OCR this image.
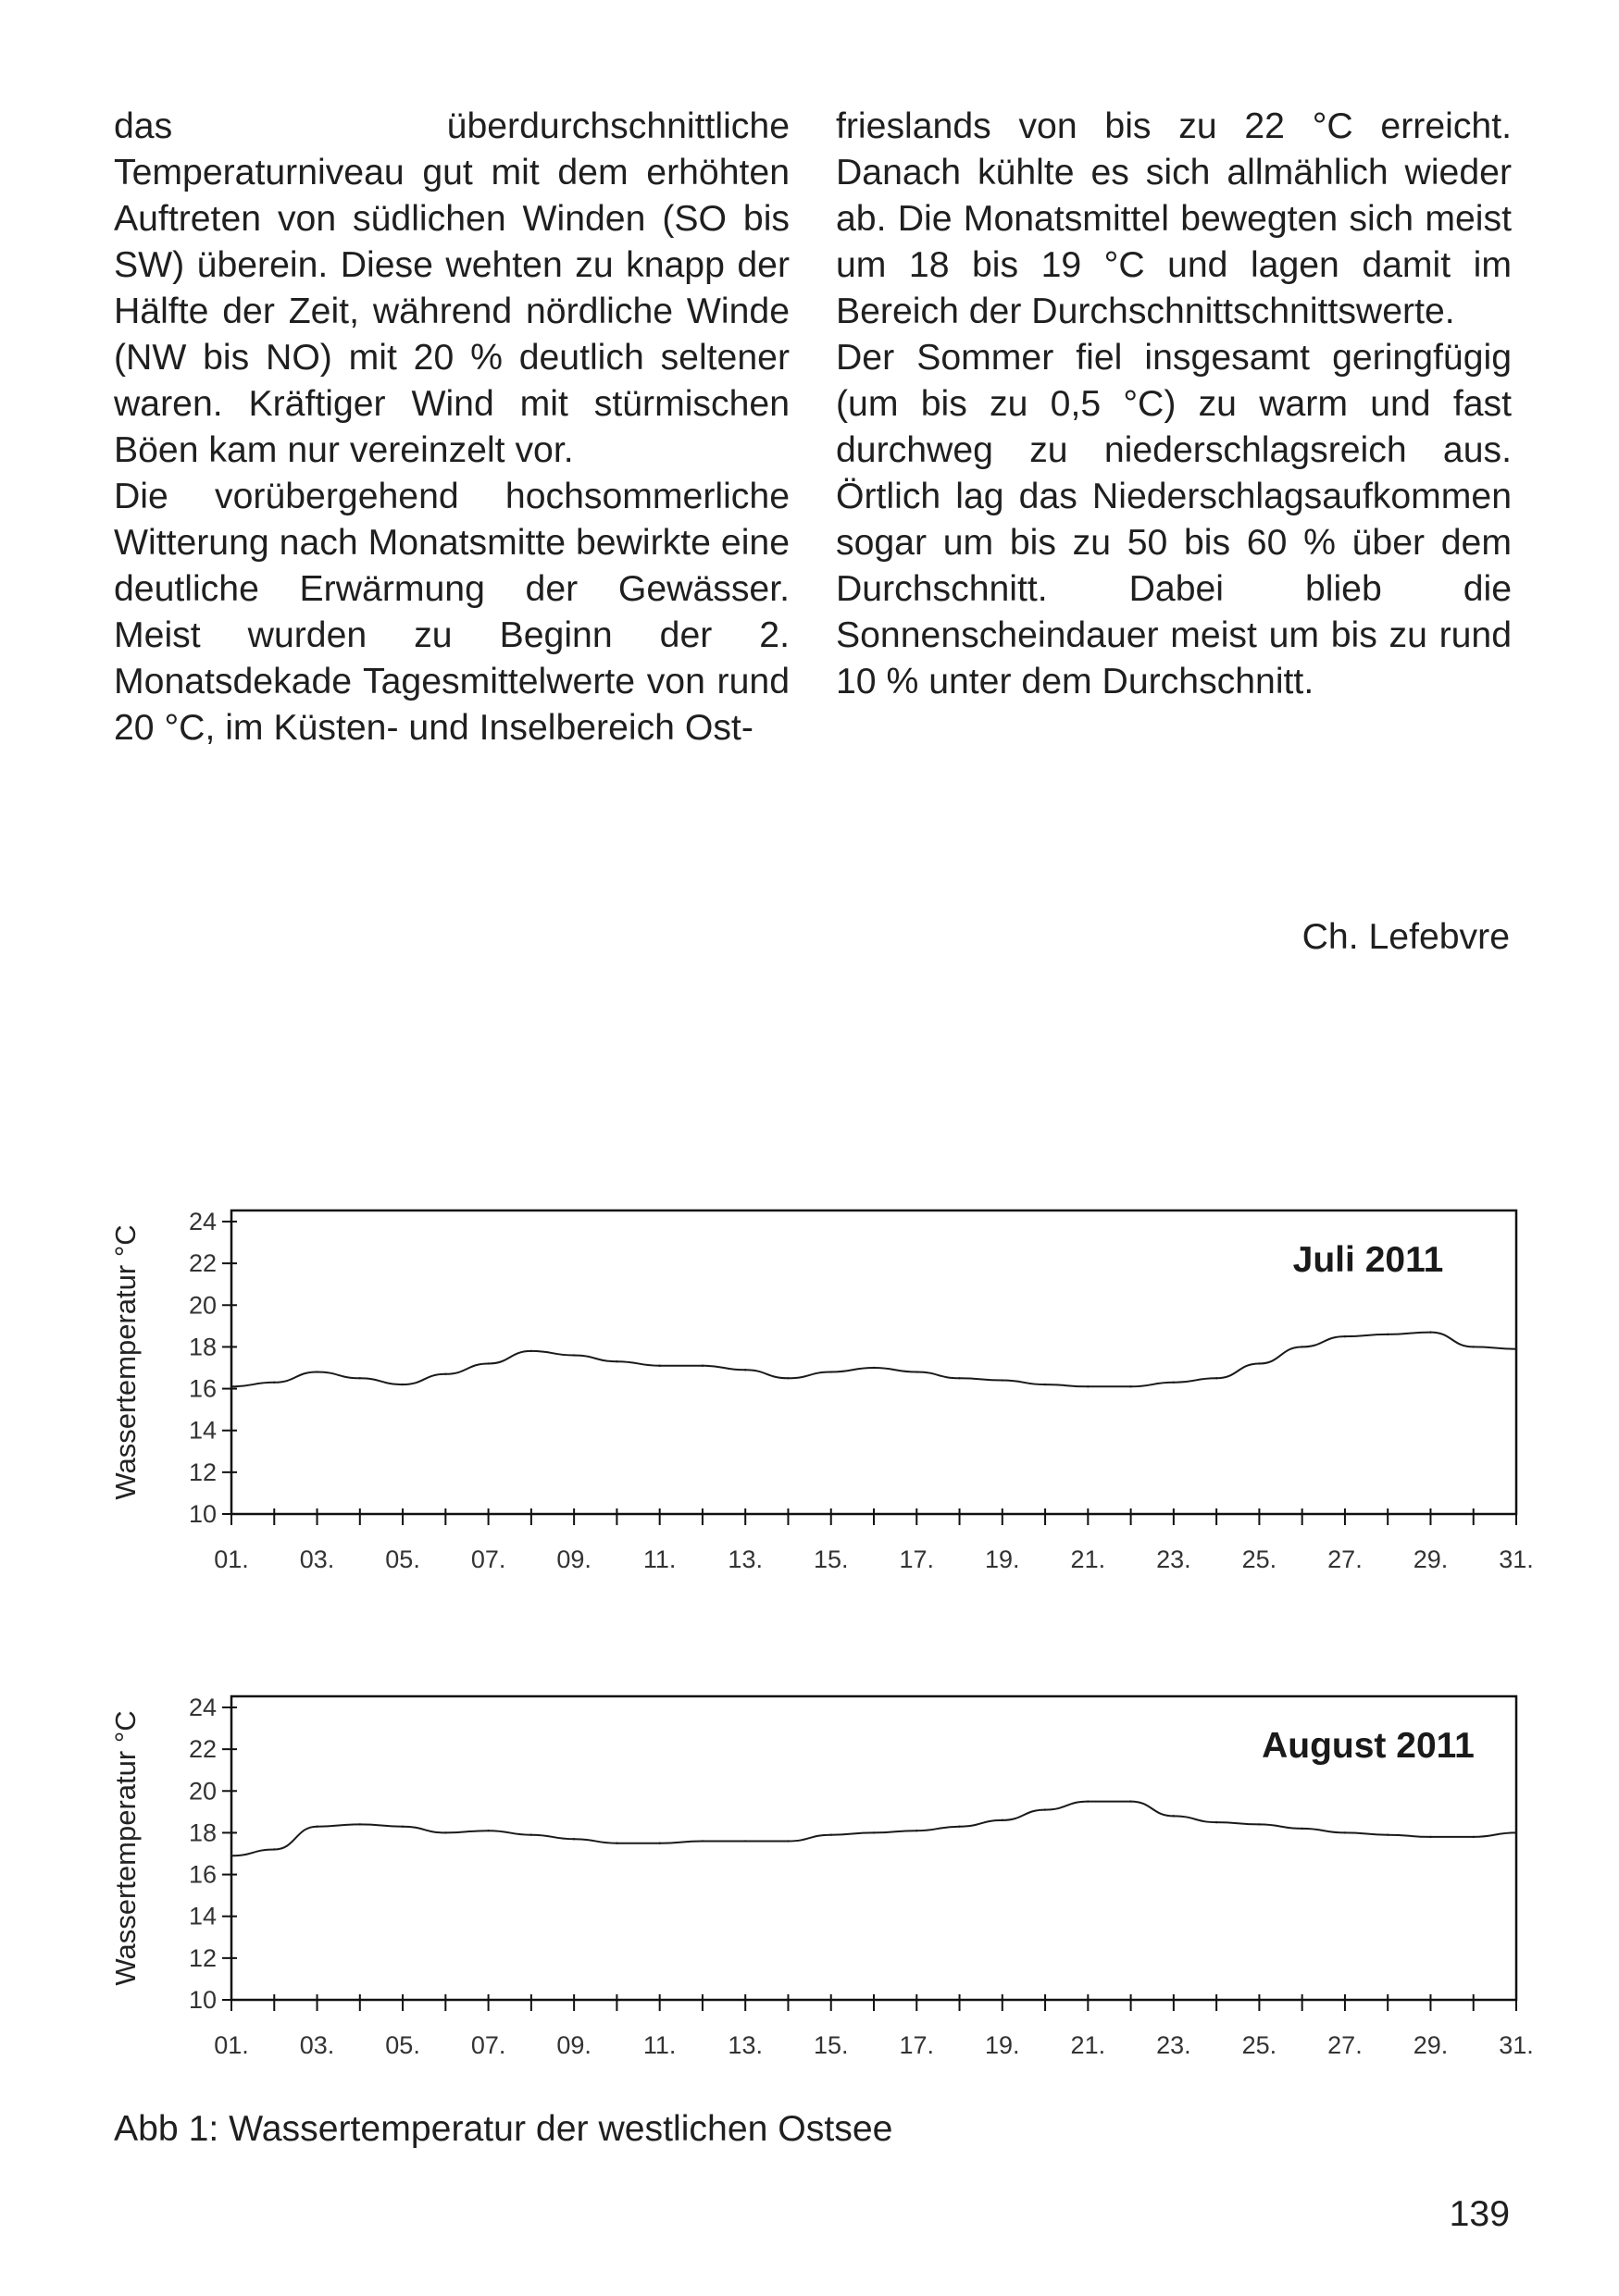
das überdurchschnittliche Temperaturniveau gut mit dem erhöhten Auftreten von südlichen Winden (SO bis SW) überein. Diese wehten zu knapp der Hälfte der Zeit, während nördliche Winde (NW bis NO) mit 20 % deutlich seltener waren. Kräftiger Wind mit stürmischen Böen kam nur vereinzelt vor.

Die vorübergehend hochsommerliche Witterung nach Monatsmitte bewirkte eine deutliche Erwärmung der Gewässer. Meist wurden zu Beginn der 2. Monatsdekade Tagesmittelwerte von rund 20 °C, im Küsten- und Inselbereich Ost-

frieslands von bis zu 22 °C erreicht. Danach kühlte es sich allmählich wieder ab. Die Monatsmittel bewegten sich meist um 18 bis 19 °C und lagen damit im Bereich der Durchschnittschnittswerte.

Der Sommer fiel insgesamt geringfügig (um bis zu 0,5 °C) zu warm und fast durchweg zu niederschlagsreich aus. Örtlich lag das Niederschlagsaufkommen sogar um bis zu 50 bis 60 % über dem Durchschnitt. Dabei blieb die Sonnenscheindauer meist um bis zu rund 10 % unter dem Durchschnitt.

Ch. Lefebvre
10
12
14
16
18
20
22
24
Wassertemperatur °C
01. 03. 05. 07. 09. 11. 13. 15. 17. 19. 21. 23. 25. 27. 29. 31.
Juli 2011
10
12
14
16
18
20
22
24
Wassertemperatur °C
01. 03. 05. 07. 09. 11. 13. 15. 17. 19. 21. 23. 25. 27. 29. 31.
August 2011
Abb 1: Wassertemperatur der westlichen Ostsee
139
